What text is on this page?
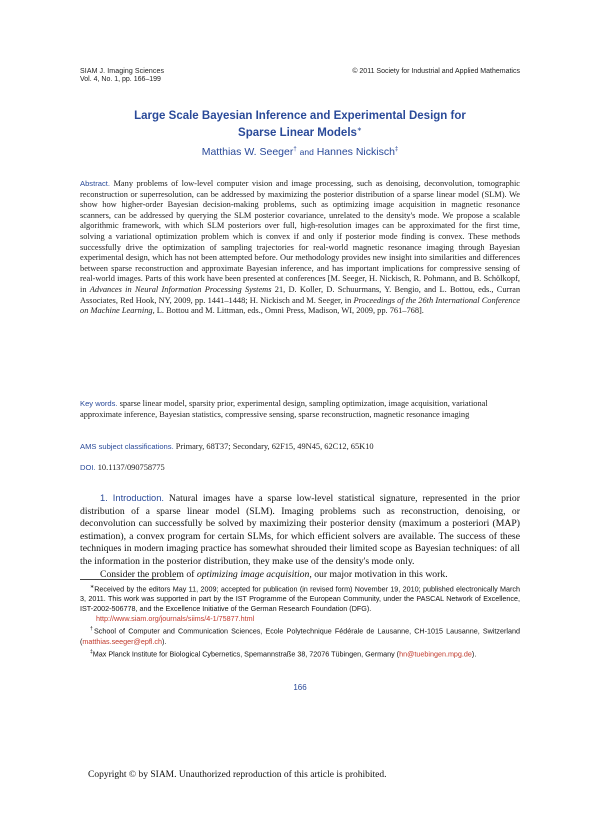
SIAM J. Imaging Sciences
Vol. 4, No. 1, pp. 166–199
© 2011 Society for Industrial and Applied Mathematics
Large Scale Bayesian Inference and Experimental Design for
Sparse Linear Models∗
Matthias W. Seeger† and Hannes Nickisch‡
Abstract. Many problems of low-level computer vision and image processing, such as denoising, deconvolution, tomographic reconstruction or superresolution, can be addressed by maximizing the posterior distribution of a sparse linear model (SLM). We show how higher-order Bayesian decision-making problems, such as optimizing image acquisition in magnetic resonance scanners, can be addressed by querying the SLM posterior covariance, unrelated to the density's mode. We propose a scalable algorithmic framework, with which SLM posteriors over full, high-resolution images can be approximated for the first time, solving a variational optimization problem which is convex if and only if posterior mode finding is convex. These methods successfully drive the optimization of sampling trajectories for real-world magnetic resonance imaging through Bayesian experimental design, which has not been attempted before. Our methodology provides new insight into similarities and differences between sparse reconstruction and approximate Bayesian inference, and has important implications for compressive sensing of real-world images. Parts of this work have been presented at conferences [M. Seeger, H. Nickisch, R. Pohmann, and B. Schölkopf, in Advances in Neural Information Processing Systems 21, D. Koller, D. Schuurmans, Y. Bengio, and L. Bottou, eds., Curran Associates, Red Hook, NY, 2009, pp. 1441–1448; H. Nickisch and M. Seeger, in Proceedings of the 26th International Conference on Machine Learning, L. Bottou and M. Littman, eds., Omni Press, Madison, WI, 2009, pp. 761–768].
Key words. sparse linear model, sparsity prior, experimental design, sampling optimization, image acquisition, variational approximate inference, Bayesian statistics, compressive sensing, sparse reconstruction, magnetic resonance imaging
AMS subject classifications. Primary, 68T37; Secondary, 62F15, 49N45, 62C12, 65K10
DOI. 10.1137/090758775

1. Introduction. Natural images have a sparse low-level statistical signature, represented in the prior distribution of a sparse linear model (SLM). Imaging problems such as reconstruction, denoising, or deconvolution can successfully be solved by maximizing their posterior density (maximum a posteriori (MAP) estimation), a convex program for certain SLMs, for which efficient solvers are available. The success of these techniques in modern imaging practice has somewhat shrouded their limited scope as Bayesian techniques: of all the information in the posterior distribution, they make use of the density's mode only.

Consider the problem of optimizing image acquisition, our major motivation in this work.

∗Received by the editors May 11, 2009; accepted for publication (in revised form) November 19, 2010; published electronically March 3, 2011. This work was supported in part by the IST Programme of the European Community, under the PASCAL Network of Excellence, IST-2002-506778, and the Excellence Initiative of the German Research Foundation (DFG).

http://www.siam.org/journals/siims/4-1/75877.html

†School of Computer and Communication Sciences, Ecole Polytechnique Fédérale de Lausanne, CH-1015 Lausanne, Switzerland (matthias.seeger@epfl.ch).

‡Max Planck Institute for Biological Cybernetics, Spemannstraße 38, 72076 Tübingen, Germany (hn@tuebingen.mpg.de).

166
Copyright © by SIAM. Unauthorized reproduction of this article is prohibited.
